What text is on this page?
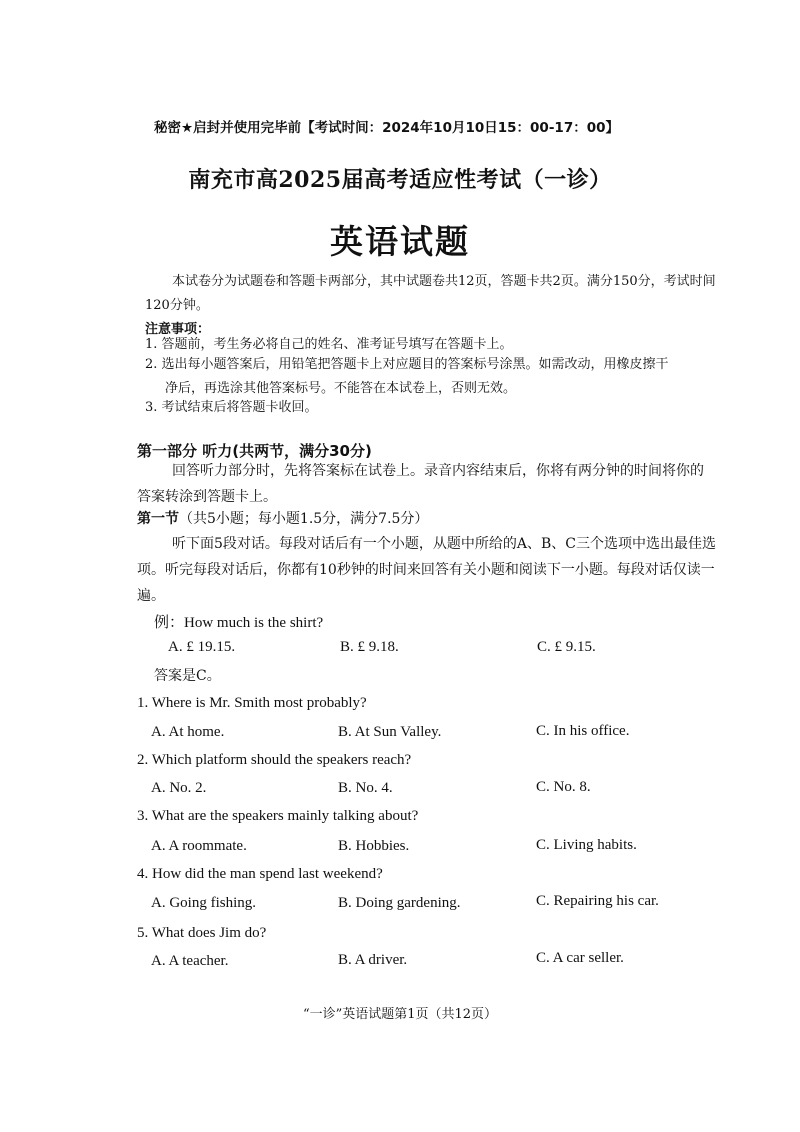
秘密★启封并使用完毕前【考试时间：2024年10月10日15：00-17：00】
南充市高2025届高考适应性考试（一诊）
英语试题
本试卷分为试题卷和答题卡两部分，其中试题卷共12页，答题卡共2页。满分150分，考试时间120分钟。
注意事项：
1. 答题前，考生务必将自己的姓名、准考证号填写在答题卡上。
2. 选出每小题答案后，用铅笔把答题卡上对应题目的答案标号涂黑。如需改动，用橡皮擦干
净后，再选涂其他答案标号。不能答在本试卷上，否则无效。
3. 考试结束后将答题卡收回。
第一部分 听力(共两节，满分30分)
回答听力部分时，先将答案标在试卷上。录音内容结束后，你将有两分钟的时间将你的答案转涂到答题卡上。
第一节（共5小题；每小题1.5分，满分7.5分）
听下面5段对话。每段对话后有一个小题，从题中所给的A、B、C三个选项中选出最佳选项。听完每段对话后，你都有10秒钟的时间来回答有关小题和阅读下一小题。每段对话仅读一遍。
例：How much is the shirt?
A. £ 19.15.	B. £ 9.18.	C. £ 9.15.
答案是C。
1. Where is Mr. Smith most probably?
A. At home.	B. At Sun Valley.	C. In his office.
2. Which platform should the speakers reach?
A. No. 2.	B. No. 4.	C. No. 8.
3. What are the speakers mainly talking about?
A. A roommate.	B. Hobbies.	C. Living habits.
4. How did the man spend last weekend?
A. Going fishing.	B. Doing gardening.	C. Repairing his car.
5. What does Jim do?
A. A teacher.	B. A driver.	C. A car seller.
“一诊”英语试题第1页（共12页）
